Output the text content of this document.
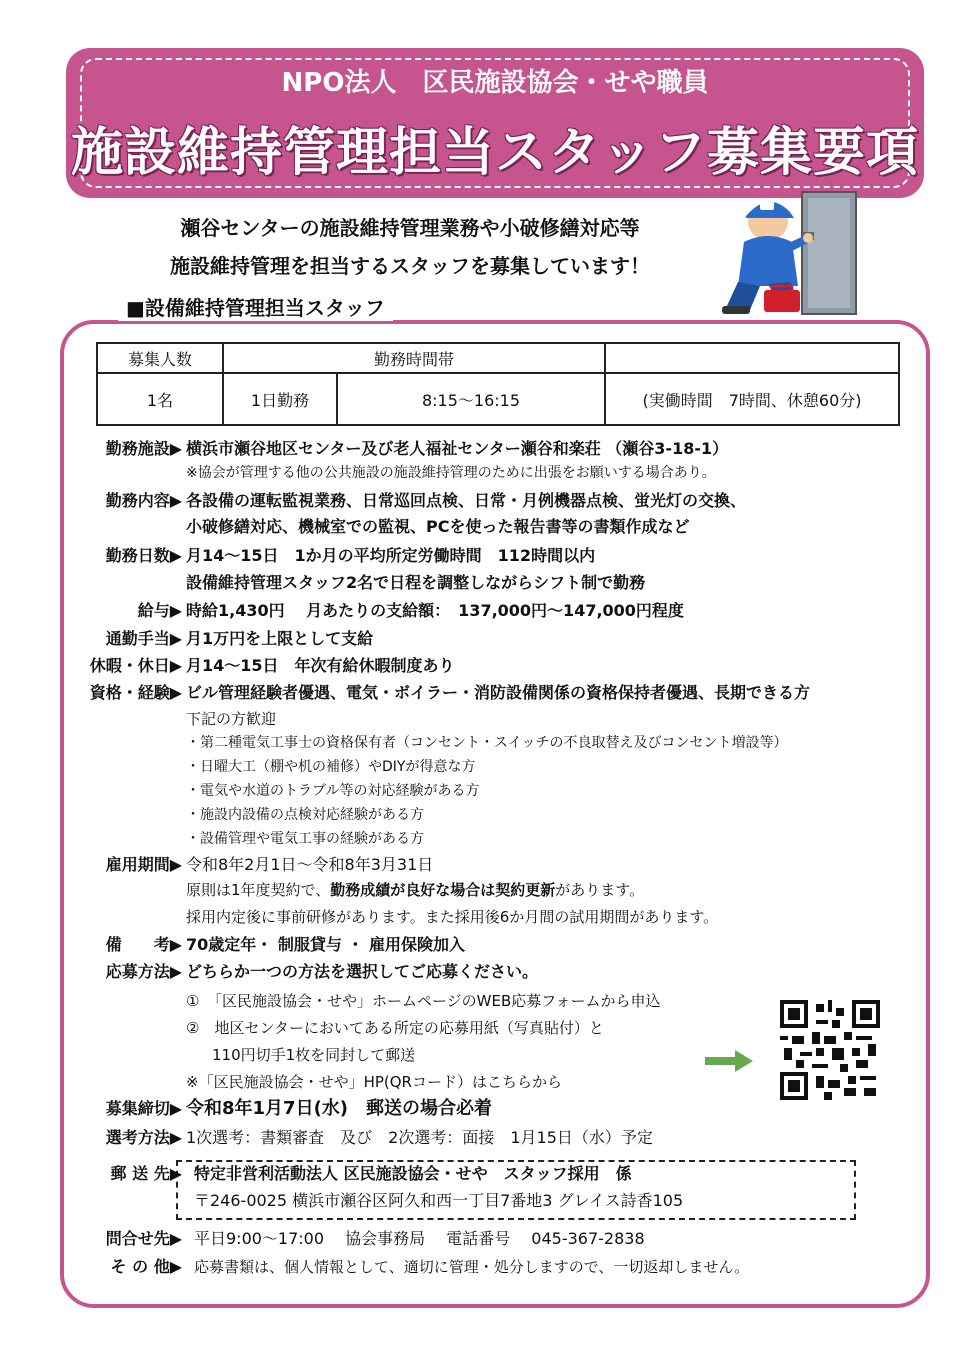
NPO法人　区民施設協会・せや職員
施設維持管理担当スタッフ募集要項
瀬谷センターの施設維持管理業務や小破修繕対応等
施設維持管理を担当するスタッフを募集しています！
■設備維持管理担当スタッフ
募集人数	勤務時間帯		
1名	1日勤務	8:15～16:15	(実働時間　7時間、休憩60分)
勤務施設▶ 横浜市瀬谷地区センター及び老人福祉センター瀬谷和楽荘 （瀬谷3-18-1）
※協会が管理する他の公共施設の施設維持管理のために出張をお願いする場合あり。
勤務内容▶ 各設備の運転監視業務、日常巡回点検、日常・月例機器点検、蛍光灯の交換、
小破修繕対応、機械室での監視、PCを使った報告書等の書類作成など
勤務日数▶ 月14～15日　1か月の平均所定労働時間　112時間以内
設備維持管理スタッフ2名で日程を調整しながらシフト制で勤務
給与▶ 時給1,430円　 月あたりの支給額：　137,000円～147,000円程度
通勤手当▶ 月1万円を上限として支給
休暇・休日▶ 月14～15日　年次有給休暇制度あり
資格・経験▶ ビル管理経験者優遇、電気・ボイラー・消防設備関係の資格保持者優遇、長期できる方
下記の方歓迎
・第二種電気工事士の資格保有者（コンセント・スイッチの不良取替え及びコンセント増設等）
・日曜大工（棚や机の補修）やDIYが得意な方
・電気や水道のトラブル等の対応経験がある方
・施設内設備の点検対応経験がある方
・設備管理や電気工事の経験がある方
雇用期間▶ 令和8年2月1日～令和8年3月31日
原則は1年度契約で、勤務成績が良好な場合は契約更新があります。
採用内定後に事前研修があります。また採用後6か月間の試用期間があります。
備　　考▶ 70歳定年・ 制服貸与 ・ 雇用保険加入
応募方法▶ どちらか一つの方法を選択してご応募ください。
①　「区民施設協会・せや」ホームページのWEB応募フォームから申込
②　地区センターにおいてある所定の応募用紙（写真貼付）と
110円切手1枚を同封して郵送
※「区民施設協会・せや」HP(QRコード）はこちらから
募集締切▶ 令和8年1月7日(水)　郵送の場合必着
選考方法▶ 1次選考：書類審査　及び　2次選考：面接　1月15日（水）予定
郵 送 先▶ 特定非営利活動法人 区民施設協会・せや　スタッフ採用　係
〒246-0025 横浜市瀬谷区阿久和西一丁目7番地3 グレイス詩香105
問合せ先▶ 平日9:00～17:00　 協会事務局　 電話番号　 045-367-2838
そ の 他▶ 応募書類は、個人情報として、適切に管理・処分しますので、一切返却しません。
